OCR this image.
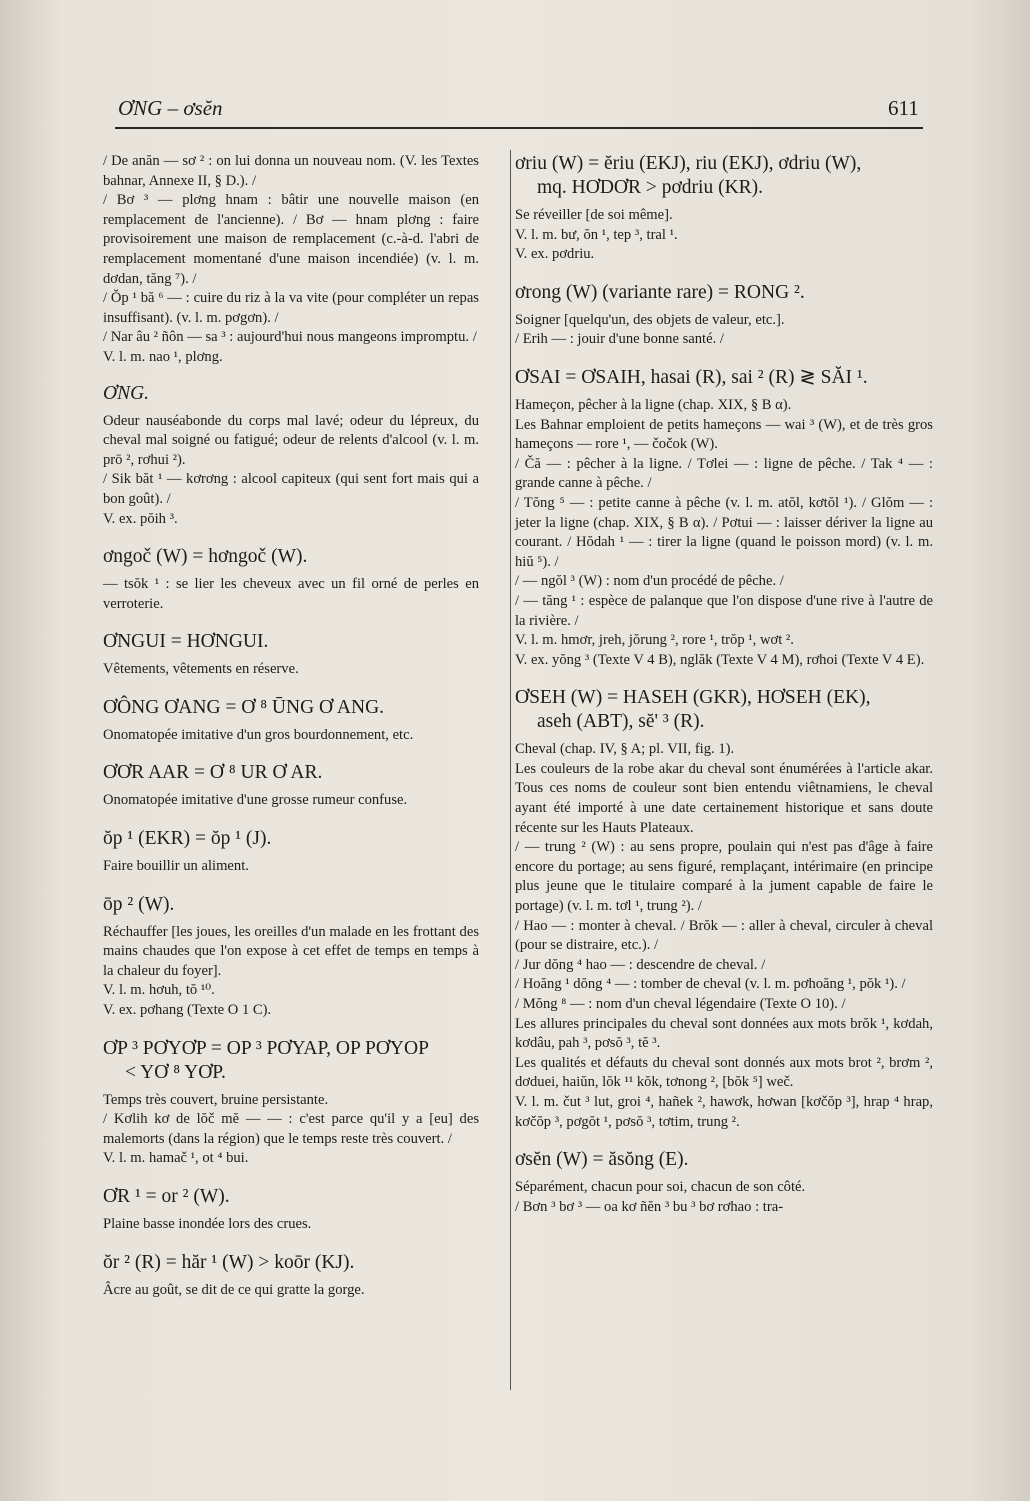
ƠNG – ơsĕn	611

/ De anăn — sơ ² : on lui donna un nouveau nom. (V. les Textes bahnar, Annexe II, § D.). /

/ Bơ ³ — plơng hnam : bâtir une nouvelle maison (en remplacement de l'ancienne). / Bơ — hnam plơng : faire provisoirement une maison de remplacement (c.-à-d. l'abri de remplacement momentané d'une maison incendiée) (v. l. m. dơdan, tăng ⁷). /

/ Ŏp ¹ bă ⁶ — : cuire du riz à la va vite (pour compléter un repas insuffisant). (v. l. m. pơgơn). /

/ Nar âu ² ñôn — sa ³ : aujourd'hui nous mangeons impromptu. /

V. l. m. nao ¹, plơng.

ƠNG.

Odeur nauséabonde du corps mal lavé; odeur du lépreux, du cheval mal soigné ou fatigué; odeur de relents d'alcool (v. l. m. prō ², rơhui ²).

/ Sik băt ¹ — kơrơng : alcool capiteux (qui sent fort mais qui a bon goût). /

V. ex. pŏih ³.

ơngoč (W) = hơngoč (W).

— tsŏk ¹ : se lier les cheveux avec un fil orné de perles en verroterie.

ƠNGUI = HƠNGUI.

Vêtements, vêtements en réserve.

ƠÔNG ƠANG = Ơ ⁸ ŪNG Ơ ANG.

Onomatopée imitative d'un gros bourdonnement, etc.

ƠƠR AAR = Ơ ⁸ UR Ơ AR.

Onomatopée imitative d'une grosse rumeur confuse.

ŏp ¹ (EKR) = ŏp ¹ (J).

Faire bouillir un aliment.

ōp ² (W).

Réchauffer [les joues, les oreilles d'un malade en les frottant des mains chaudes que l'on expose à cet effet de temps en temps à la chaleur du foyer].

V. l. m. hơuh, tŏ ¹⁰.

V. ex. pơhang (Texte O 1 C).

ƠP ³ PƠYƠP = OP ³ PƠYAP, OP PƠYOP
< YƠ ⁸ YƠP.

Temps très couvert, bruine persistante.

/ Kơlih kơ de lŏč mĕ — — : c'est parce qu'il y a [eu] des malemorts (dans la région) que le temps reste très couvert. /

V. l. m. hamač ¹, ot ⁴ bui.

ƠR ¹ = or ² (W).

Plaine basse inondée lors des crues.

ŏr ² (R) = hăr ¹ (W) > koōr (KJ).

Âcre au goût, se dit de ce qui gratte la gorge.

ơriu (W) = ĕriu (EKJ), riu (EKJ), ơdriu (W),
mq. HƠDƠR > pơdriu (KR).

Se réveiller [de soi même].

V. l. m. bư, ŏn ¹, tep ³, tral ¹.

V. ex. pơdriu.

ơrong (W) (variante rare) = RONG ².

Soigner [quelqu'un, des objets de valeur, etc.].

/ Erih — : jouir d'une bonne santé. /

ƠSAI = ƠSAIH, hasai (R), sai ² (R) ≷ SĂI ¹.

Hameçon, pêcher à la ligne (chap. XIX, § B α).

Les Bahnar emploient de petits hameçons — wai ³ (W), et de très gros hameçons — rore ¹, — čočok (W).

/ Čă — : pêcher à la ligne. / Tơlei — : ligne de pêche. / Tak ⁴ — : grande canne à pêche. /

/ Tŏng ⁵ — : petite canne à pêche (v. l. m. atŏl, kơtŏl ¹). / Glŏm — : jeter la ligne (chap. XIX, § B α). / Pơtui — : laisser dériver la ligne au courant. / Hŏdah ¹ — : tirer la ligne (quand le poisson mord) (v. l. m. hiŭ ⁵). /

/ — ngŏl ³ (W) : nom d'un procédé de pêche. /

/ — tăng ¹ : espèce de palanque que l'on dispose d'une rive à l'autre de la rivière. /

V. l. m. hmơr, jreh, jŏrung ², rore ¹, trŏp ¹, wơt ².

V. ex. yŏng ³ (Texte V 4 B), nglăk (Texte V 4 M), rơhoi (Texte V 4 E).

ƠSEH (W) = HASEH (GKR), HƠSEH (EK),
aseh (ABT), sĕ' ³ (R).

Cheval (chap. IV, § A; pl. VII, fig. 1).

Les couleurs de la robe akar du cheval sont énumérées à l'article akar. Tous ces noms de couleur sont bien entendu viêtnamiens, le cheval ayant été importé à une date certainement historique et sans doute récente sur les Hauts Plateaux.

/ — trung ² (W) : au sens propre, poulain qui n'est pas d'âge à faire encore du portage; au sens figuré, remplaçant, intérimaire (en principe plus jeune que le titulaire comparé à la jument capable de faire le portage) (v. l. m. tơl ¹, trung ²). /

/ Hao — : monter à cheval. / Brŏk — : aller à cheval, circuler à cheval (pour se distraire, etc.). /

/ Jur dŏng ⁴ hao — : descendre de cheval. /

/ Hoăng ¹ dŏng ⁴ — : tomber de cheval (v. l. m. pơhoăng ¹, pŏk ¹). /

/ Mŏng ⁸ — : nom d'un cheval légendaire (Texte O 10). /

Les allures principales du cheval sont données aux mots brŏk ¹, kơdah, kơdâu, pah ³, pơsŏ ³, tĕ ³.

Les qualités et défauts du cheval sont donnés aux mots brot ², brơm ², dơduei, haiŭn, lŏk ¹¹ kŏk, tơnong ², [bŏk ⁵] weč.

V. l. m. čut ³ lut, groi ⁴, hañek ², hawơk, hơwan [kơčŏp ³], hrap ⁴ hrap, kơčŏp ³, pơgŏt ¹, pơsŏ ³, tơtim, trung ².

ơsĕn (W) = ăsŏng (E).

Séparément, chacun pour soi, chacun de son côté.

/ Bơn ³ bơ ³ — oa kơ ñĕn ³ bu ³ bơ rơhao : tra-
